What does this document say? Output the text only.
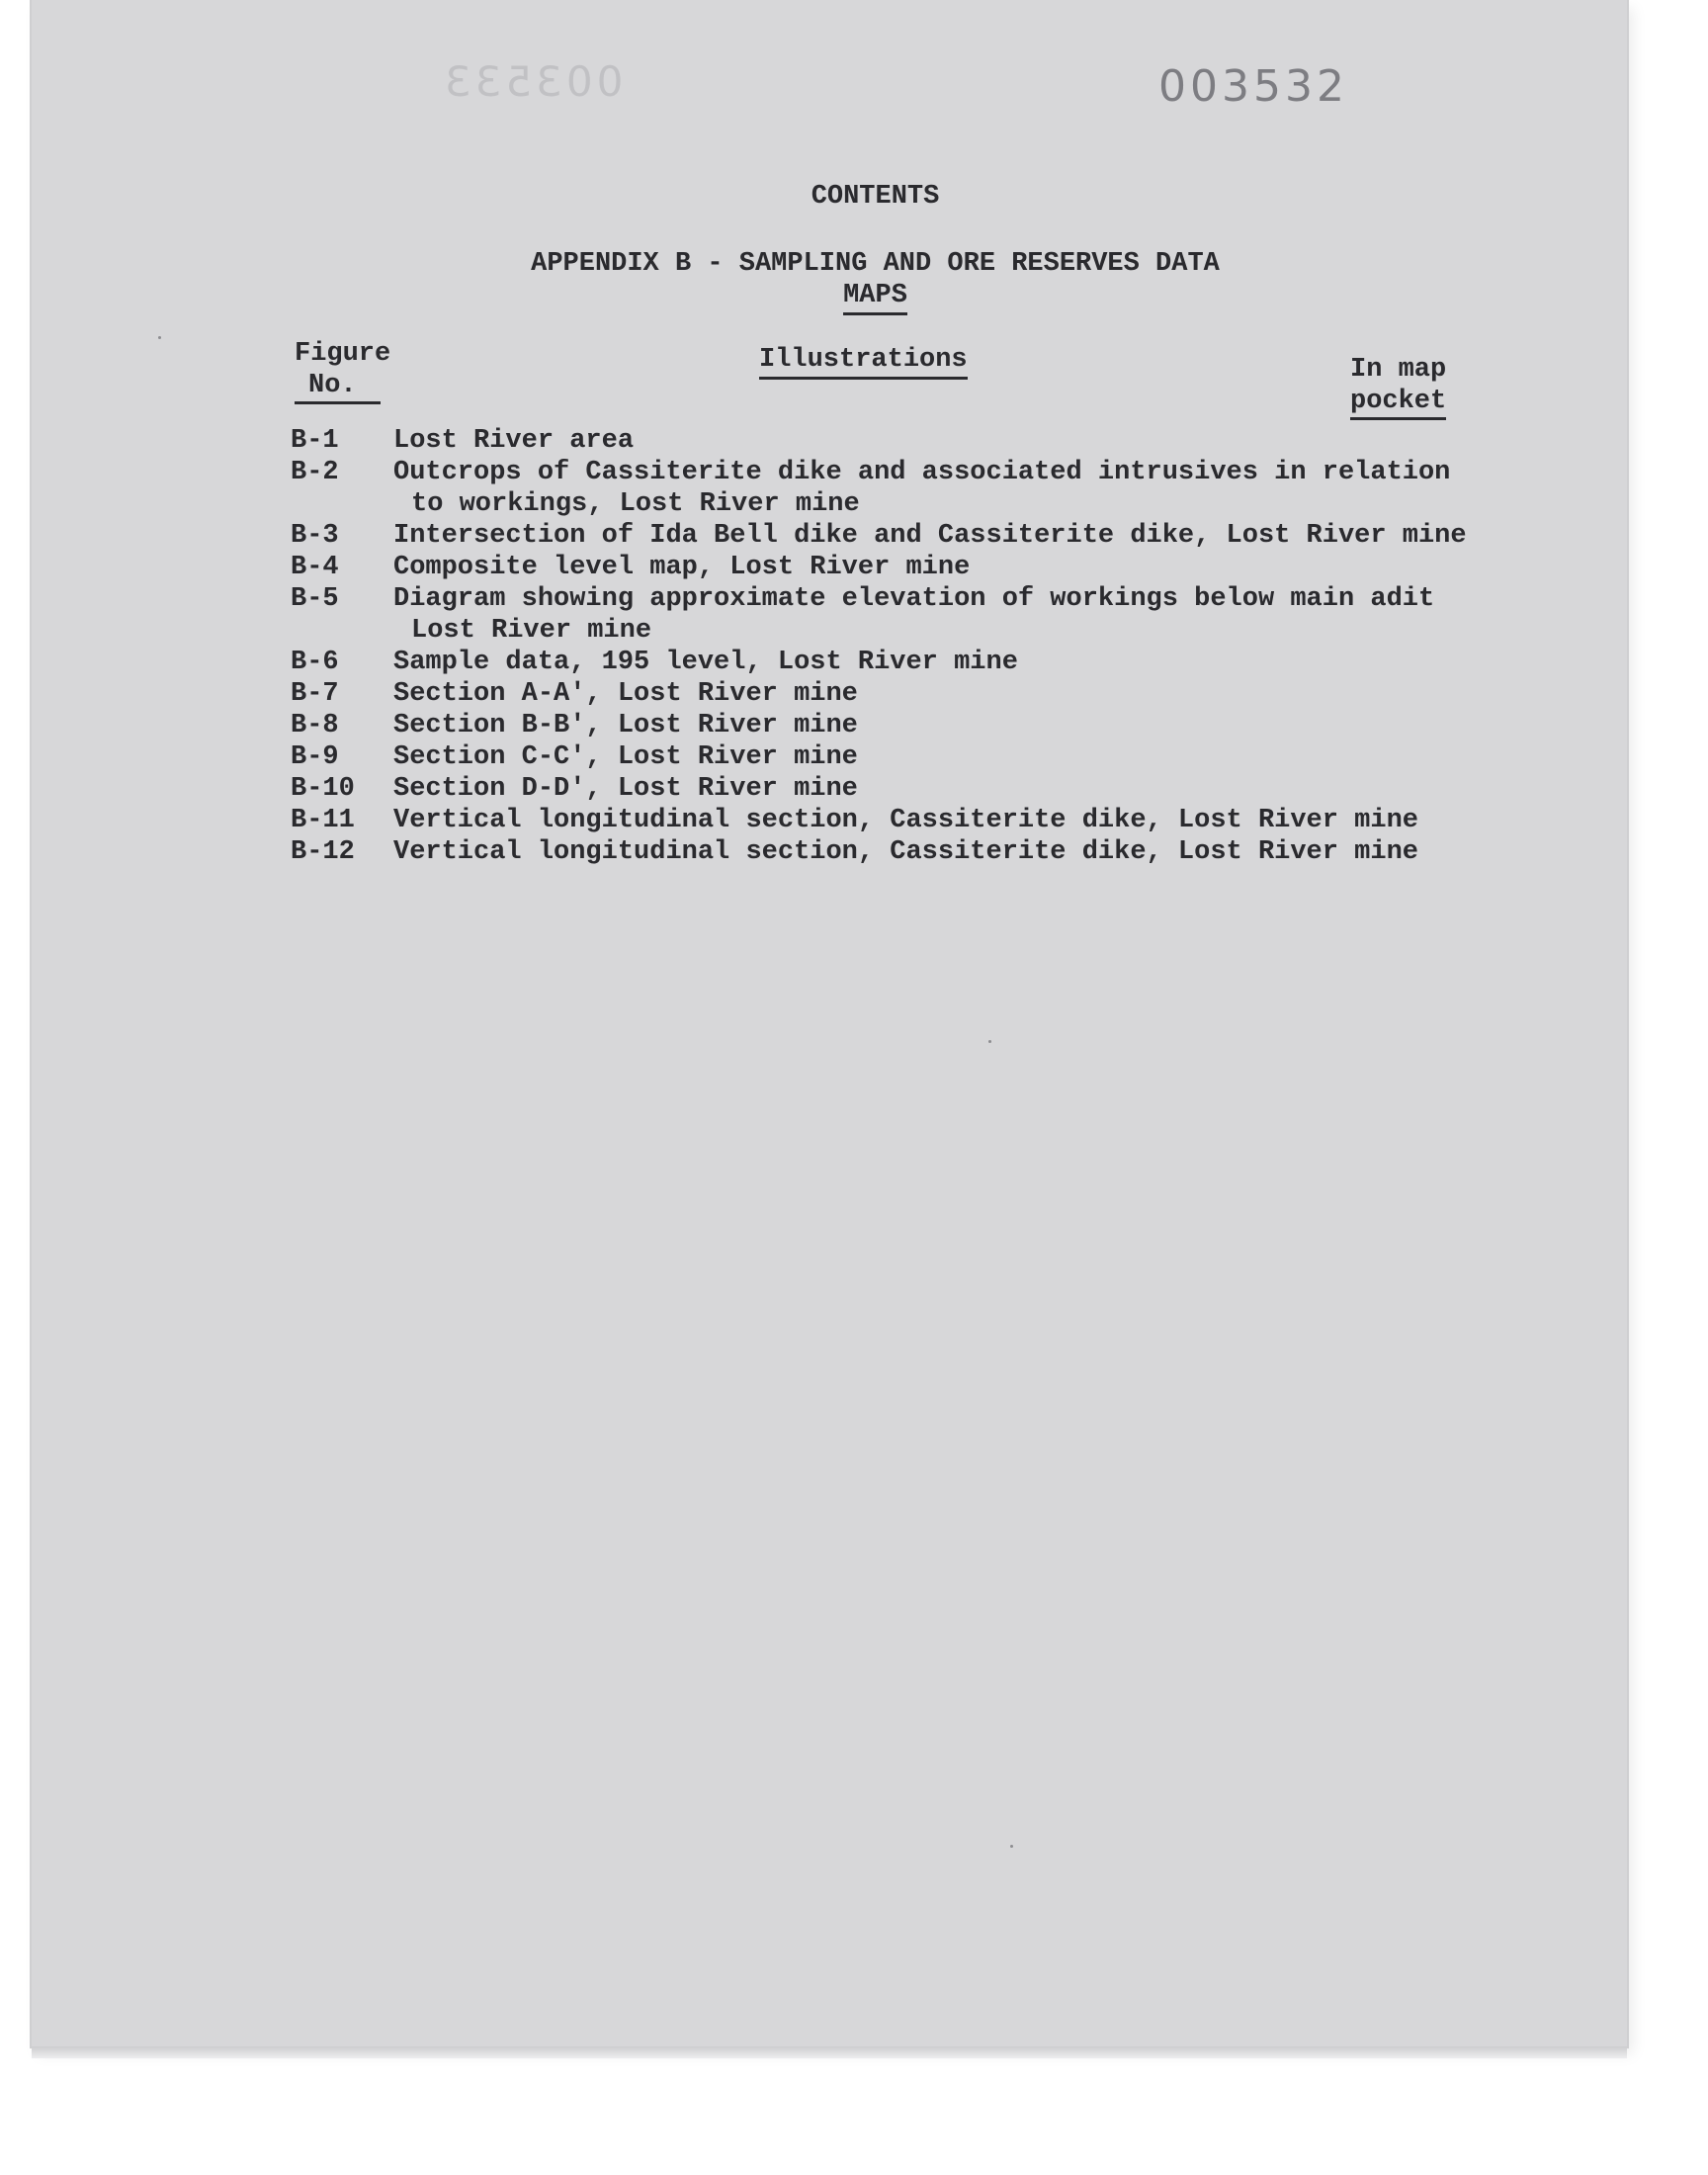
003533	003532
CONTENTS
APPENDIX B - SAMPLING AND ORE RESERVES DATA
MAPS
Figure
No.
Illustrations	In map
pocket
B-1	Lost River area
B-2	Outcrops of Cassiterite dike and associated intrusives in relation
to workings, Lost River mine
B-3	Intersection of Ida Bell dike and Cassiterite dike, Lost River mine
B-4	Composite level map, Lost River mine
B-5	Diagram showing approximate elevation of workings below main adit
Lost River mine
B-6	Sample data, 195 level, Lost River mine
B-7	Section A-A', Lost River mine
B-8	Section B-B', Lost River mine
B-9	Section C-C', Lost River mine
B-10	Section D-D', Lost River mine
B-11	Vertical longitudinal section, Cassiterite dike, Lost River mine
B-12	Vertical longitudinal section, Cassiterite dike, Lost River mine
